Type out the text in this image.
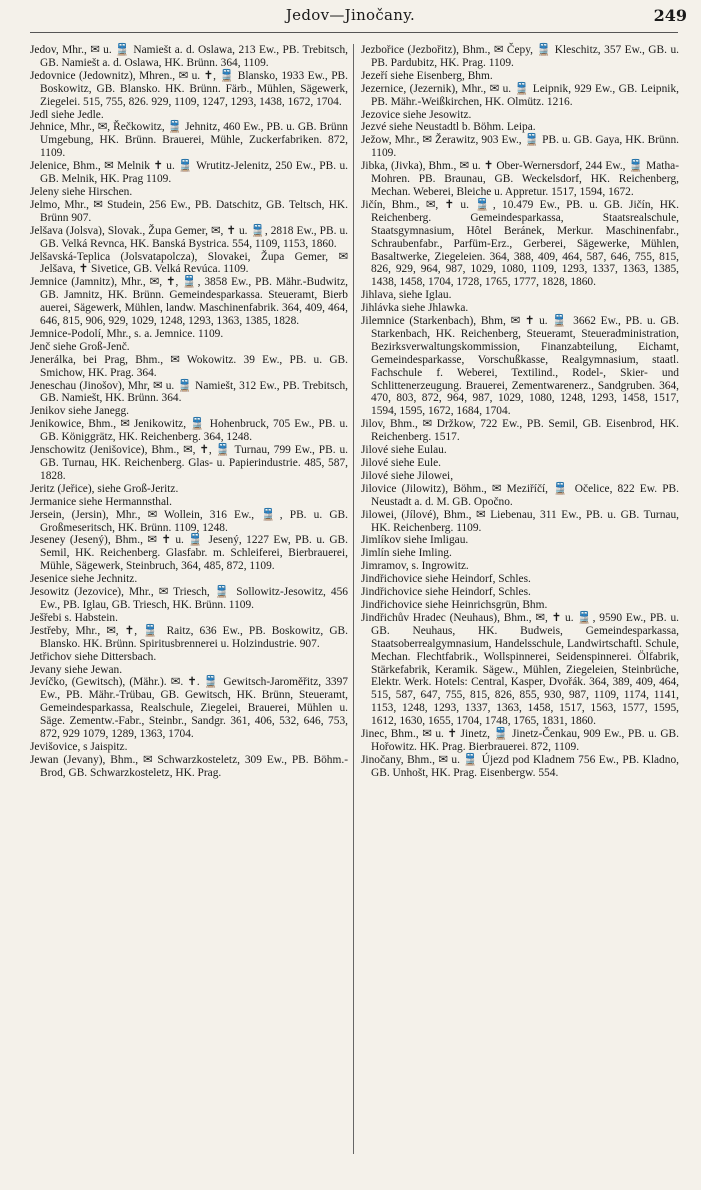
Jedov—Jinočany.	249

Jedov, Mhr., ✉ u. 🚆 Namiešt a. d. Oslawa, 213 Ew., PB. Trebitsch, GB. Namiešt a. d. Oslawa, HK. Brünn. 364, 1109.

Jedovnice (Jedownitz), Mhren., ✉ u. ✝, 🚆 Blansko, 1933 Ew., PB. Boskowitz, GB. Blansko. HK. Brünn. Färb., Mühlen, Sägewerk, Ziegelei. 515, 755, 826. 929, 1109, 1247, 1293, 1438, 1672, 1704.

Jedl siehe Jedle.

Jehnice, Mhr., ✉, Řečkowitz, 🚆 Jehnitz, 460 Ew., PB. u. GB. Brünn Umgebung, HK. Brünn. Brauerei, Mühle, Zuckerfabriken. 872, 1109.

Jelenice, Bhm., ✉ Melnik ✝ u. 🚆 Wrutitz-Jelenitz, 250 Ew., PB. u. GB. Melnik, HK. Prag 1109.

Jeleny siehe Hirschen.

Jelmo, Mhr., ✉ Studein, 256 Ew., PB. Datschitz, GB. Teltsch, HK. Brünn 907.

Jelšava (Jolsva), Slovak., Župa Gemer, ✉, ✝ u. 🚆, 2818 Ew., PB. u. GB. Velká Revnca, HK. Banská Bystrica. 554, 1109, 1153, 1860.

Jelšavská-Teplica (Jolsvatapolcza), Slovakei, Župa Gemer, ✉ Jelšava, ✝ Sivetice, GB. Velká Revúca. 1109.

Jemnice (Jamnitz), Mhr., ✉, ✝, 🚆, 3858 Ew., PB. Mähr.-Budwitz, GB. Jamnitz, HK. Brünn. Gemeindesparkassa. Steueramt, Bierb auerei, Sägewerk, Mühlen, landw. Maschinenfabrik. 364, 409, 464, 646, 815, 906, 929, 1029, 1248, 1293, 1363, 1385, 1828.

Jemnice-Podolí, Mhr., s. a. Jemnice. 1109.

Jenč siehe Groß-Jenč.

Jenerálka, bei Prag, Bhm., ✉ Wokowitz. 39 Ew., PB. u. GB. Smichow, HK. Prag. 364.

Jeneschau (Jinošov), Mhr, ✉ u. 🚆 Namiešt, 312 Ew., PB. Trebitsch, GB. Namiešt, HK. Brünn. 364.

Jenikov siehe Janegg.

Jenikowice, Bhm., ✉ Jenikowitz, 🚆 Hohenbruck, 705 Ew., PB. u. GB. Königgrätz, HK. Reichenberg. 364, 1248.

Jenschowitz (Jenišovice), Bhm., ✉, ✝, 🚆 Turnau, 799 Ew., PB. u. GB. Turnau, HK. Reichenberg. Glas- u. Papierindustrie. 485, 587, 1828.

Jeritz (Jeřice), siehe Groß-Jeritz.

Jermanice siehe Hermannsthal.

Jersein, (Jersin), Mhr., ✉ Wollein, 316 Ew., 🚆, PB. u. GB. Großmeseritsch, HK. Brünn. 1109, 1248.

Jeseney (Jesený), Bhm., ✉ ✝ u. 🚆 Jesený, 1227 Ew, PB. u. GB. Semil, HK. Reichenberg. Glasfabr. m. Schleiferei, Bierbrauerei, Mühle, Sägewerk, Steinbruch, 364, 485, 872, 1109.

Jesenice siehe Jechnitz.

Jesowitz (Jezovice), Mhr., ✉ Triesch, 🚆 Sollowitz-Jesowitz, 456 Ew., PB. Iglau, GB. Triesch, HK. Brünn. 1109.

Ješřebi s. Habstein.

Jestřeby, Mhr., ✉, ✝, 🚆 Raitz, 636 Ew., PB. Boskowitz, GB. Blansko. HK. Brünn. Spiritusbrennerei u. Holzindustrie. 907.

Jetřichov siehe Dittersbach.

Jevany siehe Jewan.

Jevíčko, (Gewitsch), (Mähr.). ✉. ✝. 🚆 Gewitsch-Jaroměřitz, 3397 Ew., PB. Mähr.-Trübau, GB. Gewitsch, HK. Brünn, Steueramt, Gemeindesparkassa, Realschule, Ziegelei, Brauerei, Mühlen u. Säge. Zementw.-Fabr., Steinbr., Sandgr. 361, 406, 532, 646, 753, 872, 929 1079, 1289, 1363, 1704.

Jevišovice, s Jaispitz.

Jewan (Jevany), Bhm., ✉ Schwarzkosteletz, 309 Ew., PB. Böhm.-Brod, GB. Schwarzkosteletz, HK. Prag.

Jezbořice (Jezbořitz), Bhm., ✉ Čepy, 🚆 Kleschitz, 357 Ew., GB. u. PB. Pardubitz, HK. Prag. 1109.

Jezeří siehe Eisenberg, Bhm.

Jezernice, (Jezernik), Mhr., ✉ u. 🚆 Leipnik, 929 Ew., GB. Leipnik, PB. Mähr.-Weißkirchen, HK. Olmütz. 1216.

Jezovice siehe Jesowitz.

Jezvé siehe Neustadtl b. Böhm. Leipa.

Ježow, Mhr., ✉ Žerawitz, 903 Ew., 🚆 PB. u. GB. Gaya, HK. Brünn. 1109.

Jibka, (Jivka), Bhm., ✉ u. ✝ Ober-Wernersdorf, 244 Ew., 🚆 Matha-Mohren. PB. Braunau, GB. Weckelsdorf, HK. Reichenberg, Mechan. Weberei, Bleiche u. Appretur. 1517, 1594, 1672.

Jičín, Bhm., ✉, ✝ u. 🚆, 10.479 Ew., PB. u. GB. Jičín, HK. Reichenberg. Gemeindesparkassa, Staatsrealschule, Staatsgymnasium, Hôtel Beránek, Merkur. Maschinenfabr., Schraubenfabr., Parfüm-Erz., Gerberei, Sägewerke, Mühlen, Basaltwerke, Ziegeleien. 364, 388, 409, 464, 587, 646, 755, 815, 826, 929, 964, 987, 1029, 1080, 1109, 1293, 1337, 1363, 1385, 1438, 1458, 1704, 1728, 1765, 1777, 1828, 1860.

Jihlava, siehe Iglau.

Jihlávka siehe Jhlawka.

Jilemnice (Starkenbach), Bhm, ✉ ✝ u. 🚆 3662 Ew., PB. u. GB. Starkenbach, HK. Reichenberg, Steueramt, Steueradministration, Bezirksverwaltungskommission, Finanzabteilung, Eichamt, Gemeindesparkasse, Vorschußkasse, Realgymnasium, staatl. Fachschule f. Weberei, Textilind., Rodel-, Skier- und Schlittenerzeugung. Brauerei, Zementwarenerz., Sandgruben. 364, 470, 803, 872, 964, 987, 1029, 1080, 1248, 1293, 1458, 1517, 1594, 1595, 1672, 1684, 1704.

Jilov, Bhm., ✉ Držkow, 722 Ew., PB. Semil, GB. Eisenbrod, HK. Reichenberg. 1517.

Jilové siehe Eulau.

Jilové siehe Eule.

Jilové siehe Jilowei,

Jilovice (Jilowitz), Böhm., ✉ Meziříčí, 🚆 Očelice, 822 Ew. PB. Neustadt a. d. M. GB. Opočno.

Jilowei, (Jílové), Bhm., ✉ Liebenau, 311 Ew., PB. u. GB. Turnau, HK. Reichenberg. 1109.

Jimlíkov siehe Imligau.

Jimlín siehe Imling.

Jimramov, s. Ingrowitz.

Jindřichovice siehe Heindorf, Schles.

Jindřichovice siehe Heindorf, Schles.

Jindřichovice siehe Heinrichsgrün, Bhm.

Jindřichův Hradec (Neuhaus), Bhm., ✉, ✝ u. 🚆, 9590 Ew., PB. u. GB. Neuhaus, HK. Budweis, Gemeindesparkassa, Staatsoberrealgymnasium, Handelsschule, Landwirtschaftl. Schule, Mechan. Flechtfabrik., Wollspinnerei, Seidenspinnerei. Ölfabrik, Stärkefabrik, Keramik. Sägew., Mühlen, Ziegeleien, Steinbrüche, Elektr. Werk. Hotels: Central, Kasper, Dvořák. 364, 389, 409, 464, 515, 587, 647, 755, 815, 826, 855, 930, 987, 1109, 1174, 1141, 1153, 1248, 1293, 1337, 1363, 1458, 1517, 1563, 1577, 1595, 1612, 1630, 1655, 1704, 1748, 1765, 1831, 1860.

Jinec, Bhm., ✉ u. ✝ Jinetz, 🚆 Jinetz-Čenkau, 909 Ew., PB. u. GB. Hořowitz. HK. Prag. Bierbrauerei. 872, 1109.

Jinočany, Bhm., ✉ u. 🚆 Újezd pod Kladnem 756 Ew., PB. Kladno, GB. Unhošt, HK. Prag. Eisenbergw. 554.
